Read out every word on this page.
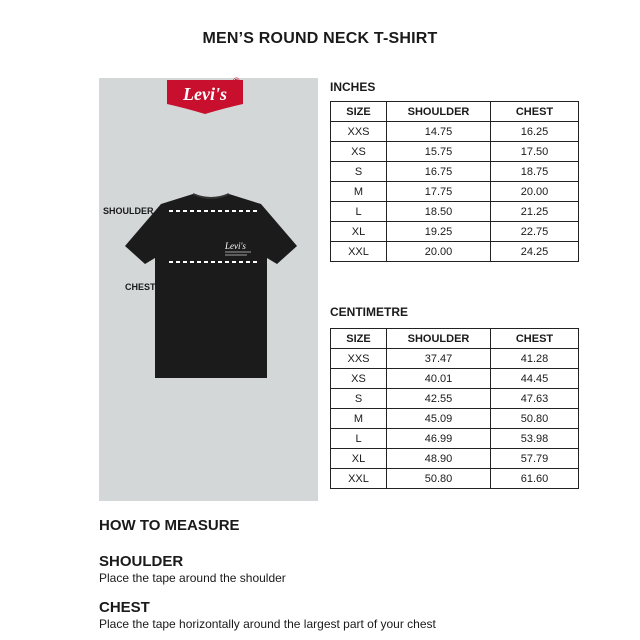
MEN’S ROUND NECK T-SHIRT
Levi's
®
Levi's
SHOULDER
CHEST
INCHES
SIZE	SHOULDER	CHEST
XXS	14.75	16.25
XS	15.75	17.50
S	16.75	18.75
M	17.75	20.00
L	18.50	21.25
XL	19.25	22.75
XXL	20.00	24.25
CENTIMETRE
SIZE	SHOULDER	CHEST
XXS	37.47	41.28
XS	40.01	44.45
S	42.55	47.63
M	45.09	50.80
L	46.99	53.98
XL	48.90	57.79
XXL	50.80	61.60
HOW TO MEASURE
SHOULDER
Place the tape around the shoulder
CHEST
Place the tape horizontally around the largest part of your chest
